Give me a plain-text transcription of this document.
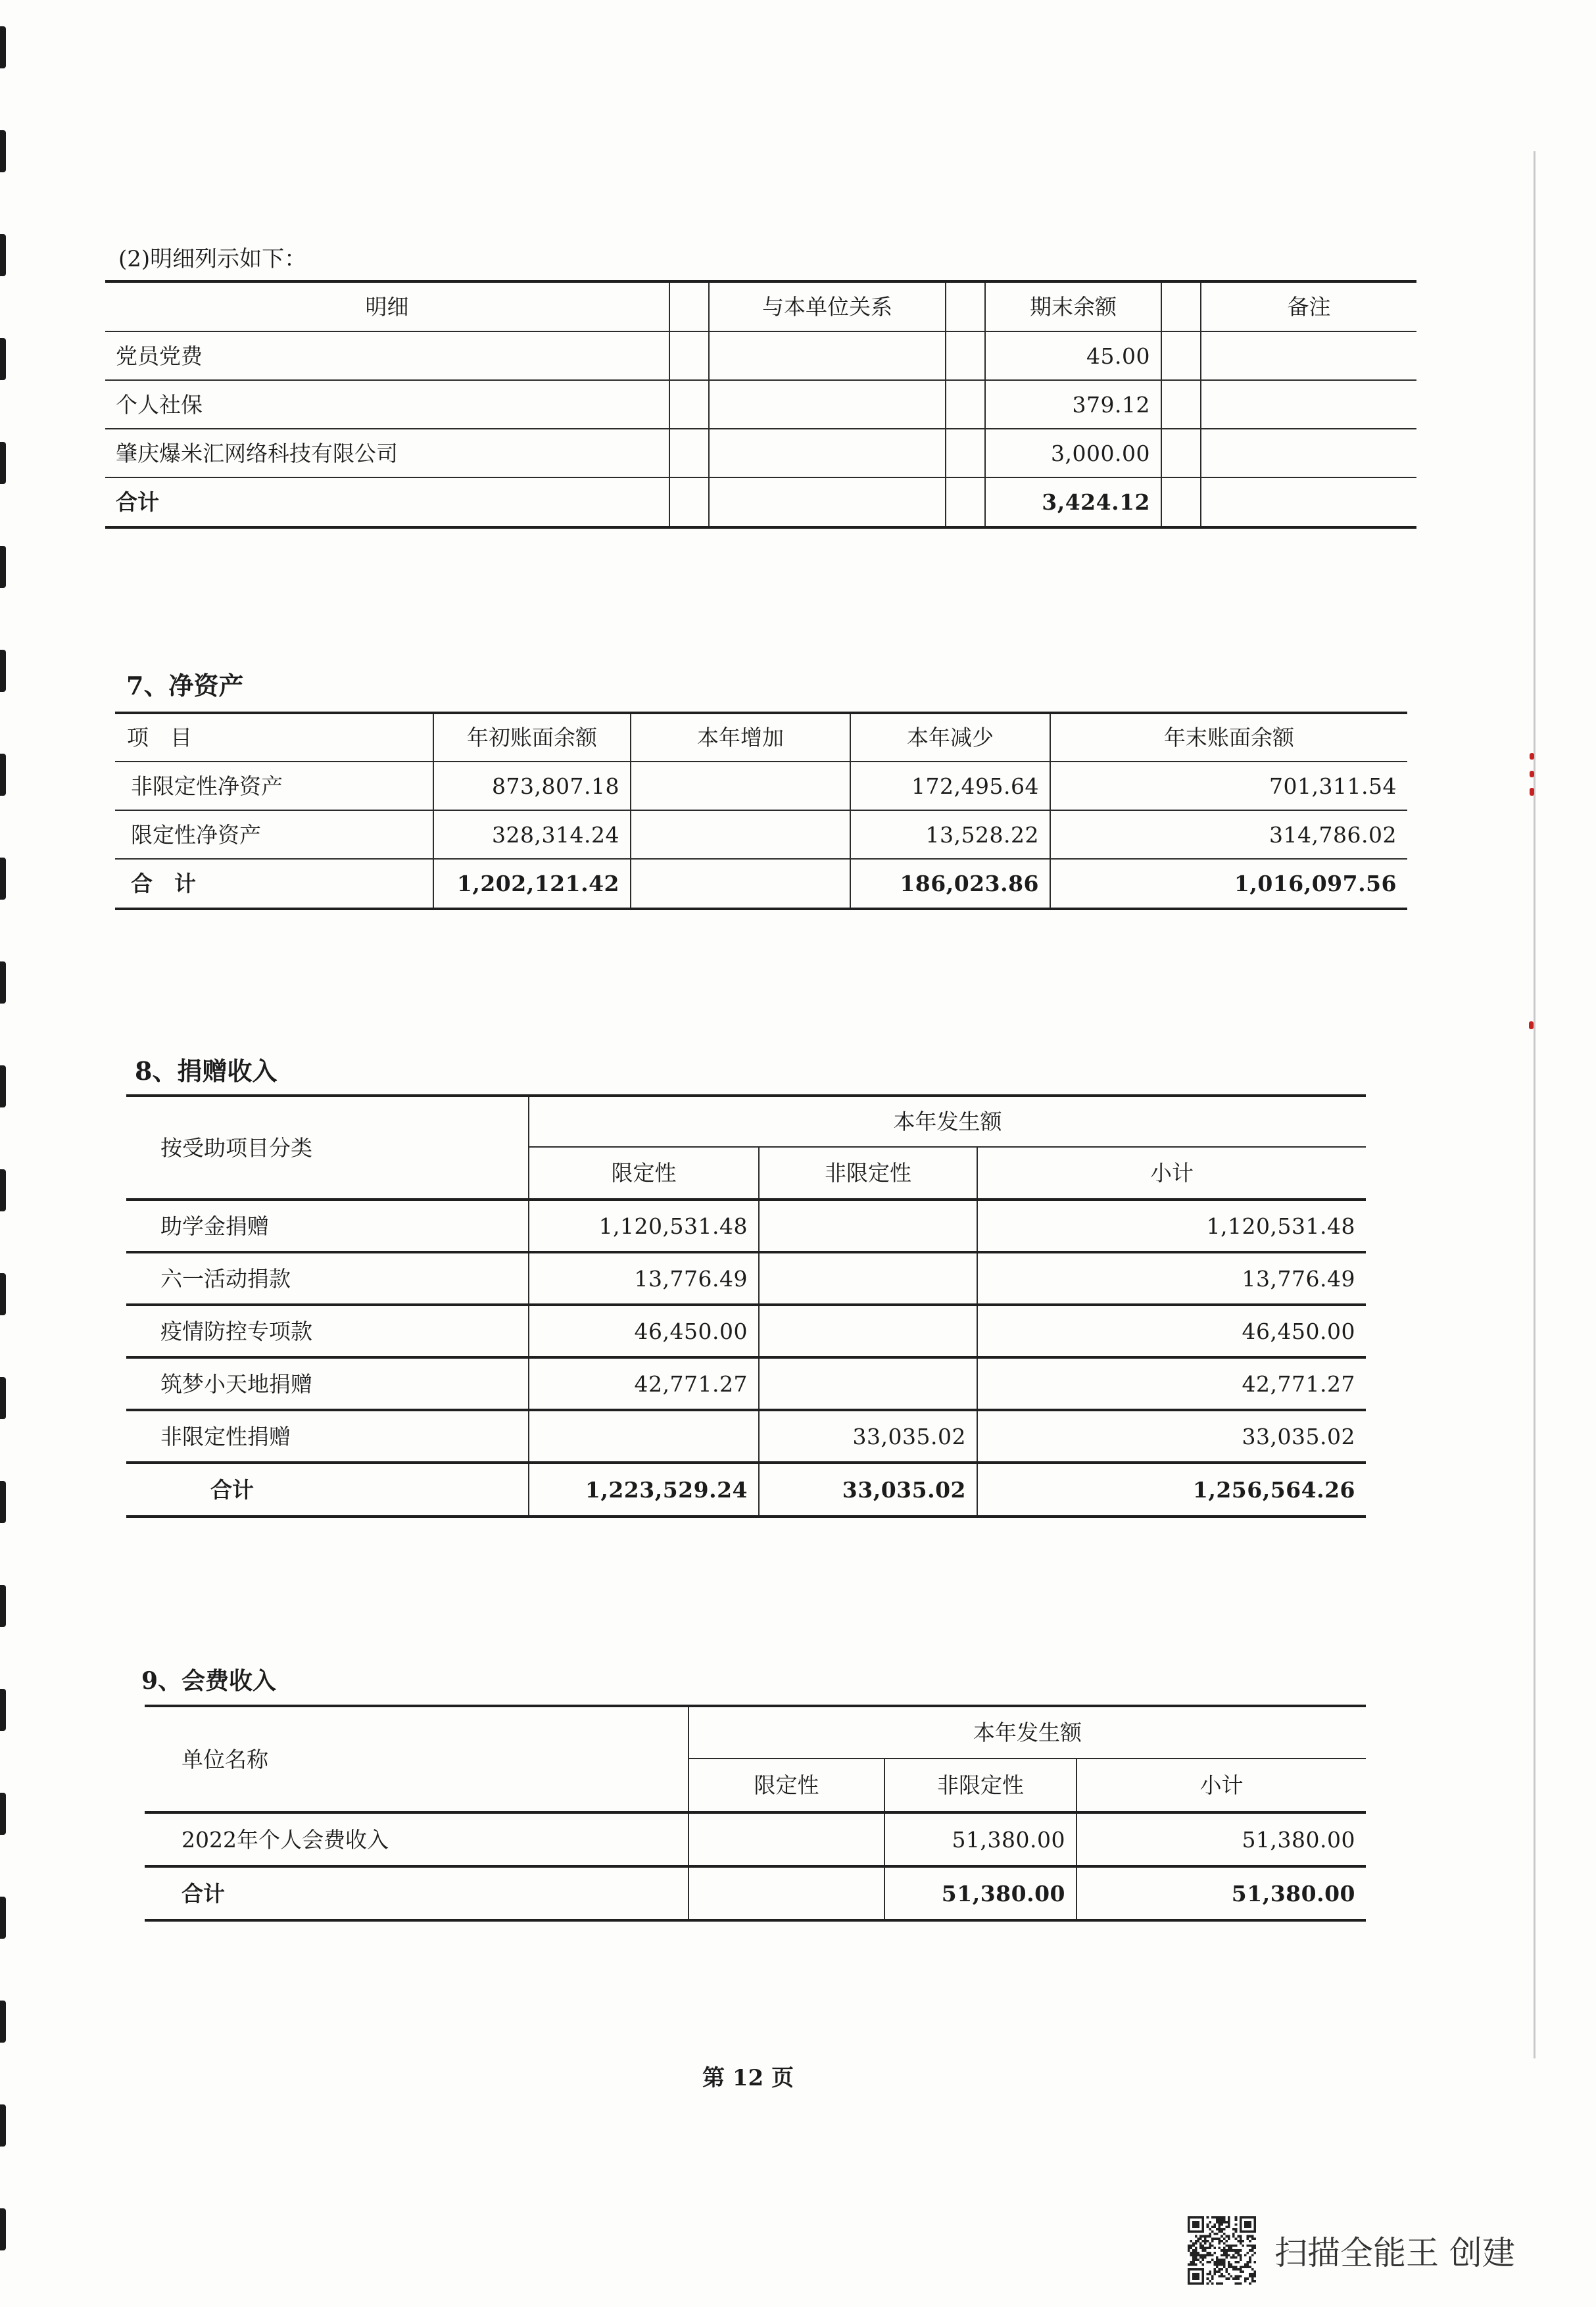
(2)明细列示如下：
明细		与本单位关系		期末余额		备注
党员党费				45.00		
个人社保				379.12		
肇庆爆米汇网络科技有限公司				3,000.00		
合计				3,424.12		
7、净资产
项　目	年初账面余额	本年增加	本年减少	年末账面余额
非限定性净资产	873,807.18		172,495.64	701,311.54
限定性净资产	328,314.24		13,528.22	314,786.02
合　计	1,202,121.42		186,023.86	1,016,097.56
8、捐赠收入
按受助项目分类	本年发生额		
	限定性	非限定性	小计
助学金捐赠	1,120,531.48		1,120,531.48
六一活动捐款	13,776.49		13,776.49
疫情防控专项款	46,450.00		46,450.00
筑梦小天地捐赠	42,771.27		42,771.27
非限定性捐赠		33,035.02	33,035.02
合计	1,223,529.24	33,035.02	1,256,564.26
9、会费收入
单位名称	本年发生额		
	限定性	非限定性	小计
2022年个人会费收入		51,380.00	51,380.00
合计		51,380.00	51,380.00
第 12 页
扫描全能王 创建
